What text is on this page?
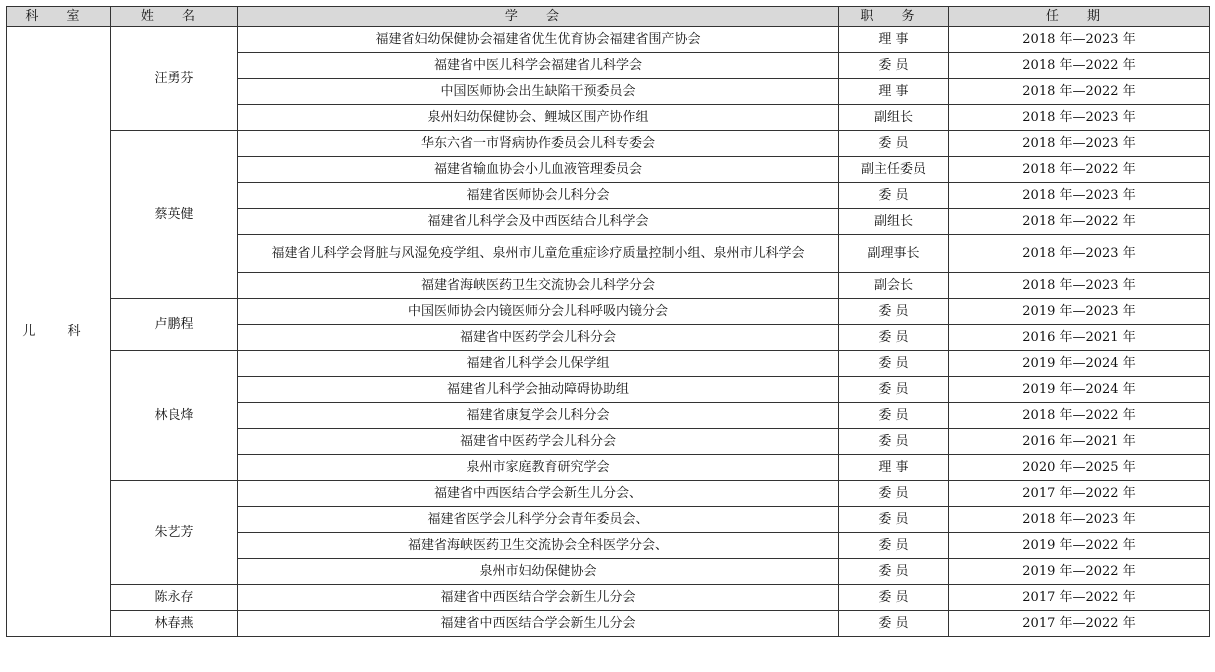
科 室	姓 名	学 会	职 务	任 期
儿 科	汪勇芬	福建省妇幼保健协会福建省优生优育协会福建省围产协会	理 事	2018 年—2023 年
		福建省中医儿科学会福建省儿科学会	委 员	2018 年—2022 年
		中国医师协会出生缺陷干预委员会	理 事	2018 年—2022 年
		泉州妇幼保健协会、鲤城区围产协作组	副组长	2018 年—2023 年
	蔡英健	华东六省一市肾病协作委员会儿科专委会	委 员	2018 年—2023 年
		福建省输血协会小儿血液管理委员会	副主任委员	2018 年—2022 年
		福建省医师协会儿科分会	委 员	2018 年—2023 年
		福建省儿科学会及中西医结合儿科学会	副组长	2018 年—2022 年
		福建省儿科学会肾脏与风湿免疫学组、泉州市儿童危重症诊疗质量控制小组、泉州市儿科学会	副理事长	2018 年—2023 年
		福建省海峡医药卫生交流协会儿科学分会	副会长	2018 年—2023 年
	卢鹏程	中国医师协会内镜医师分会儿科呼吸内镜分会	委 员	2019 年—2023 年
		福建省中医药学会儿科分会	委 员	2016 年—2021 年
	林良烽	福建省儿科学会儿保学组	委 员	2019 年—2024 年
		福建省儿科学会抽动障碍协助组	委 员	2019 年—2024 年
		福建省康复学会儿科分会	委 员	2018 年—2022 年
		福建省中医药学会儿科分会	委 员	2016 年—2021 年
		泉州市家庭教育研究学会	理 事	2020 年—2025 年
	朱艺芳	福建省中西医结合学会新生儿分会、	委 员	2017 年—2022 年
		福建省医学会儿科学分会青年委员会、	委 员	2018 年—2023 年
		福建省海峡医药卫生交流协会全科医学分会、	委 员	2019 年—2022 年
		泉州市妇幼保健协会	委 员	2019 年—2022 年
	陈永存	福建省中西医结合学会新生儿分会	委 员	2017 年—2022 年
	林春燕	福建省中西医结合学会新生儿分会	委 员	2017 年—2022 年
